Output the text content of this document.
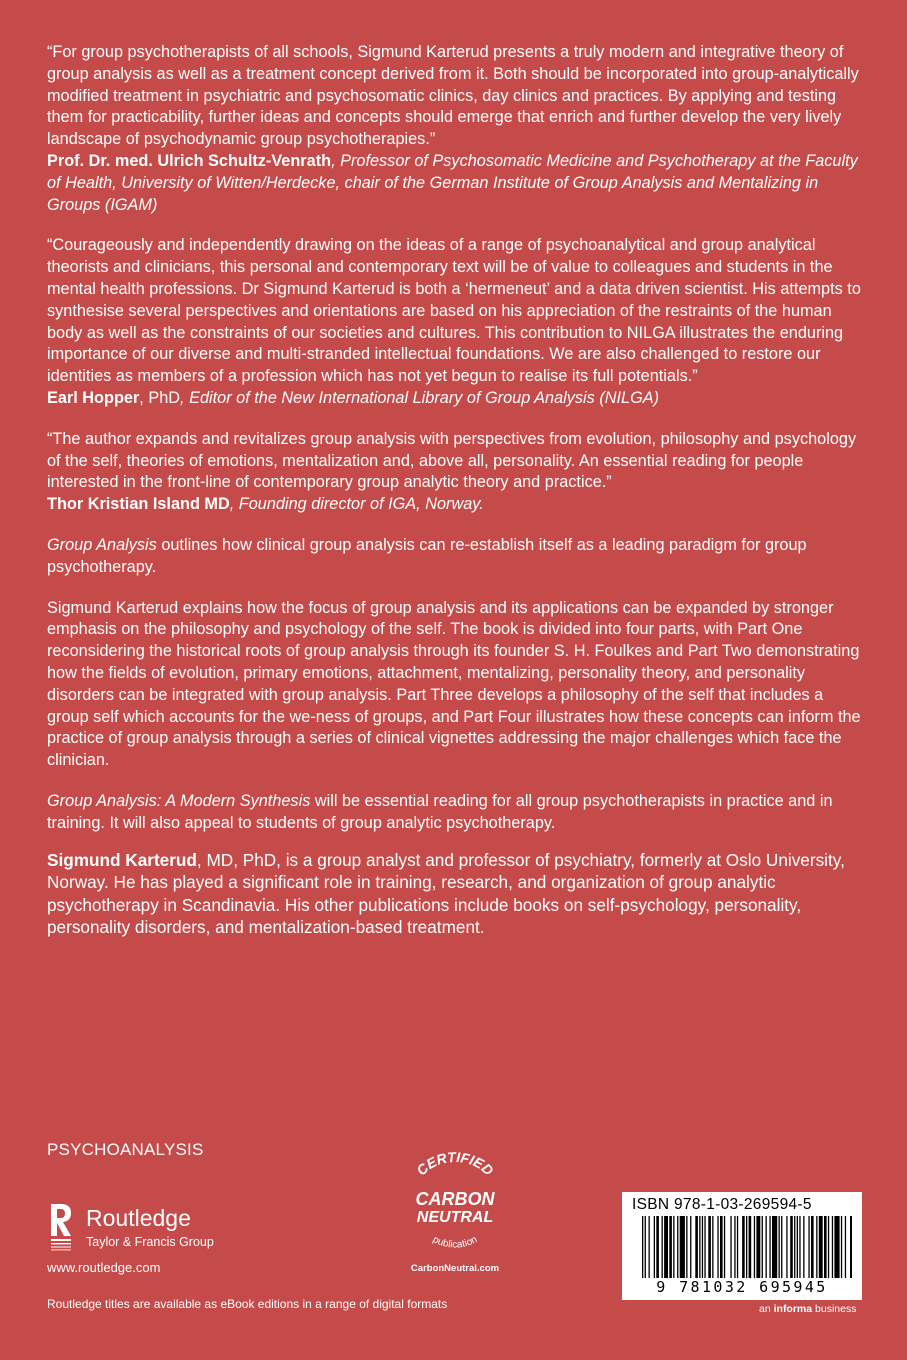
“For group psychotherapists of all schools, Sigmund Karterud presents a truly modern and integrative theory of group analysis as well as a treatment concept derived from it. Both should be incorporated into group-analytically modified treatment in psychiatric and psychosomatic clinics, day clinics and practices. By applying and testing them for practicability, further ideas and concepts should emerge that enrich and further develop the very lively landscape of psychodynamic group psychotherapies.”
Prof. Dr. med. Ulrich Schultz-Venrath, Professor of Psychosomatic Medicine and Psychotherapy at the Faculty of Health, University of Witten/Herdecke, chair of the German Institute of Group Analysis and Mentalizing in Groups (IGAM)

“Courageously and independently drawing on the ideas of a range of psychoanalytical and group analytical theorists and clinicians, this personal and contemporary text will be of value to colleagues and students in the mental health professions. Dr Sigmund Karterud is both a ‘hermeneut’ and a data driven scientist. His attempts to synthesise several perspectives and orientations are based on his appreciation of the restraints of the human body as well as the constraints of our societies and cultures. This contribution to NILGA illustrates the enduring importance of our diverse and multi-stranded intellectual foundations. We are also challenged to restore our identities as members of a profession which has not yet begun to realise its full potentials.”
Earl Hopper, PhD, Editor of the New International Library of Group Analysis (NILGA)

“The author expands and revitalizes group analysis with perspectives from evolution, philosophy and psychology of the self, theories of emotions, mentalization and, above all, personality. An essential reading for people interested in the front-line of contemporary group analytic theory and practice.”
Thor Kristian Island MD, Founding director of IGA, Norway.

Group Analysis outlines how clinical group analysis can re-establish itself as a leading paradigm for group psychotherapy.

Sigmund Karterud explains how the focus of group analysis and its applications can be expanded by stronger emphasis on the philosophy and psychology of the self. The book is divided into four parts, with Part One reconsidering the historical roots of group analysis through its founder S. H. Foulkes and Part Two demonstrating how the fields of evolution, primary emotions, attachment, mentalizing, personality theory, and personality disorders can be integrated with group analysis. Part Three develops a philosophy of the self that includes a group self which accounts for the we-ness of groups, and Part Four illustrates how these concepts can inform the practice of group analysis through a series of clinical vignettes addressing the major challenges which face the clinician.

Group Analysis: A Modern Synthesis will be essential reading for all group psychotherapists in practice and in training. It will also appeal to students of group analytic psychotherapy.

Sigmund Karterud, MD, PhD, is a group analyst and professor of psychiatry, formerly at Oslo University, Norway. He has played a significant role in training, research, and organization of group analytic psychotherapy in Scandinavia. His other publications include books on self-psychology, personality, personality disorders, and mentalization-based treatment.

PSYCHOANALYSIS
Routledge
Taylor & Francis Group
www.routledge.com
Routledge titles are available as eBook editions in a range of digital formats
CERTIFIED
CARBON
NEUTRAL
publication
CarbonNeutral.com
ISBN 978-1-03-269594-5
9 781032 695945
an informa business
